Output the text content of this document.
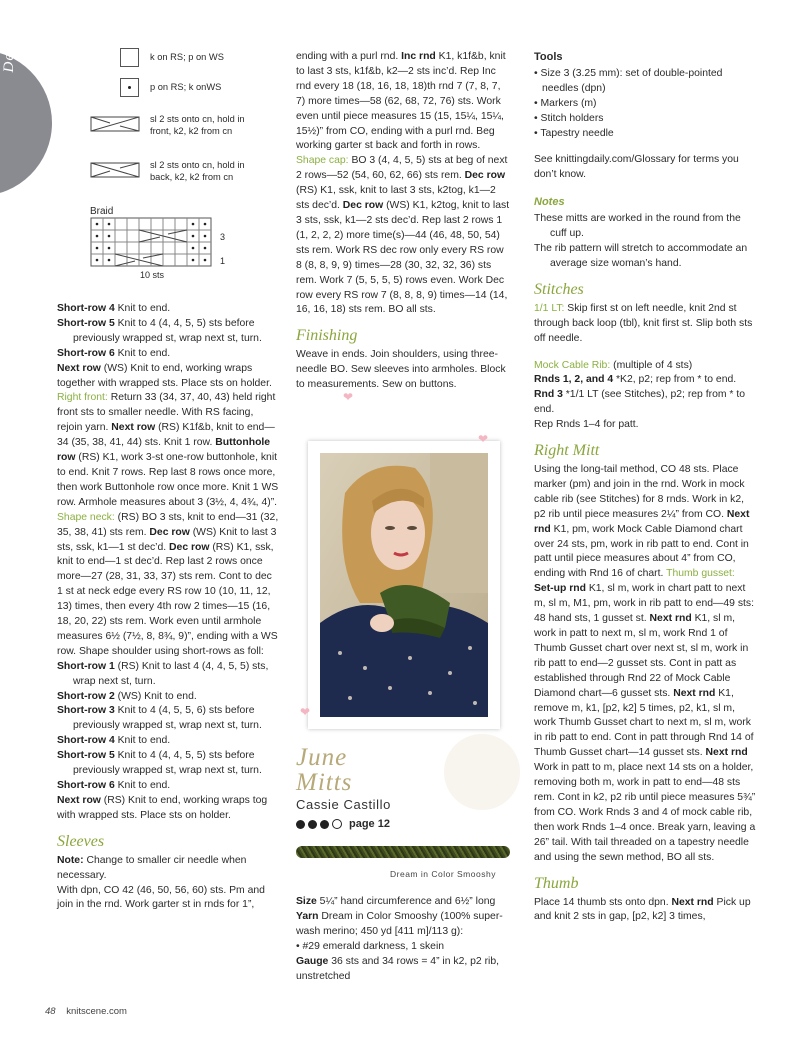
Designer	k on RS; p on WS
p on RS; k onWS
sl 2 sts onto cn, hold in front, k2, k2 from cn
sl 2 sts onto cn, hold in back, k2, k2 from cn
Braid
3
1
10 sts

Short-row 4 Knit to end.

Short-row 5 Knit to 4 (4, 4, 5, 5) sts before previously wrapped st, wrap next st, turn.

Short-row 6 Knit to end.

Next row (WS) Knit to end, working wraps together with wrapped sts. Place sts on holder. Right front: Return 33 (34, 37, 40, 43) held right front sts to smaller needle. With RS facing, rejoin yarn. Next row (RS) K1f&b, knit to end—34 (35, 38, 41, 44) sts. Knit 1 row. Buttonhole row (RS) K1, work 3-st one-row buttonhole, knit to end. Knit 7 rows. Rep last 8 rows once more, then work Buttonhole row once more. Knit 1 WS row. Armhole measures about 3 (3½, 4, 4¾, 4)”.

Shape neck: (RS) BO 3 sts, knit to end—31 (32, 35, 38, 41) sts rem. Dec row (WS) Knit to last 3 sts, ssk, k1—1 st dec’d. Dec row (RS) K1, ssk, knit to end—1 st dec’d. Rep last 2 rows once more—27 (28, 31, 33, 37) sts rem. Cont to dec 1 st at neck edge every RS row 10 (10, 11, 12, 13) times, then every 4th row 2 times—15 (16, 18, 20, 22) sts rem. Work even until armhole measures 6½ (7½, 8, 8¾, 9)”, ending with a WS row. Shape shoulder using short-rows as foll:

Short-row 1 (RS) Knit to last 4 (4, 4, 5, 5) sts, wrap next st, turn.

Short-row 2 (WS) Knit to end.

Short-row 3 Knit to 4 (4, 5, 5, 6) sts before previously wrapped st, wrap next st, turn.

Short-row 4 Knit to end.

Short-row 5 Knit to 4 (4, 4, 5, 5) sts before previously wrapped st, wrap next st, turn.

Short-row 6 Knit to end.

Next row (RS) Knit to end, working wraps tog with wrapped sts. Place sts on holder.

Sleeves

Note: Change to smaller cir needle when necessary.

With dpn, CO 42 (46, 50, 56, 60) sts. Pm and join in the rnd. Work garter st in rnds for 1”,

ending with a purl rnd. Inc rnd K1, k1f&b, knit to last 3 sts, k1f&b, k2—2 sts inc’d. Rep Inc rnd every 18 (18, 16, 18, 18)th rnd 7 (7, 8, 7, 7) more times—58 (62, 68, 72, 76) sts. Work even until piece measures 15 (15, 15¼, 15¼, 15½)” from CO, ending with a purl rnd. Beg working garter st back and forth in rows.

Shape cap: BO 3 (4, 4, 5, 5) sts at beg of next 2 rows—52 (54, 60, 62, 66) sts rem. Dec row (RS) K1, ssk, knit to last 3 sts, k2tog, k1—2 sts dec’d. Dec row (WS) K1, k2tog, knit to last 3 sts, ssk, k1—2 sts dec’d. Rep last 2 rows 1 (1, 2, 2, 2) more time(s)—44 (46, 48, 50, 54) sts rem. Work RS dec row only every RS row 8 (8, 8, 9, 9) times—28 (30, 32, 32, 36) sts rem. Work 7 (5, 5, 5, 5) rows even. Work Dec row every RS row 7 (8, 8, 8, 9) times—14 (14, 16, 16, 18) sts rem. BO all sts.

Finishing

Weave in ends. Join shoulders, using three-needle BO. Sew sleeves into armholes. Block to measurements. Sew on buttons.

❤
❤
❤
June
Mitts
Cassie Castillo
page 12
Dream in Color Smooshy

Size 5¼” hand circumference and 6½” long

Yarn Dream in Color Smooshy (100% super-wash merino; 450 yd [411 m]/113 g):

• #29 emerald darkness, 1 skein

Gauge 36 sts and 34 rows = 4” in k2, p2 rib, unstretched

Tools

• Size 3 (3.25 mm): set of double-pointed needles (dpn)

• Markers (m)

• Stitch holders

• Tapestry needle

See knittingdaily.com/Glossary for terms you don’t know.

Notes

These mitts are worked in the round from the cuff up.

The rib pattern will stretch to accommodate an average size woman’s hand.

Stitches

1/1 LT: Skip first st on left needle, knit 2nd st through back loop (tbl), knit first st. Slip both sts off needle.

Mock Cable Rib: (multiple of 4 sts)

Rnds 1, 2, and 4 *K2, p2; rep from * to end.

Rnd 3 *1/1 LT (see Stitches), p2; rep from * to end.

Rep Rnds 1–4 for patt.

Right Mitt

Using the long-tail method, CO 48 sts. Place marker (pm) and join in the rnd. Work in mock cable rib (see Stitches) for 8 rnds. Work in k2, p2 rib until piece measures 2¼” from CO. Next rnd K1, pm, work Mock Cable Diamond chart over 24 sts, pm, work in rib patt to end. Cont in patt until piece measures about 4” from CO, ending with Rnd 16 of chart. Thumb gusset: Set-up rnd K1, sl m, work in chart patt to next m, sl m, M1, pm, work in rib patt to end—49 sts: 48 hand sts, 1 gusset st. Next rnd K1, sl m, work in patt to next m, sl m, work Rnd 1 of Thumb Gusset chart over next st, sl m, work in rib patt to end—2 gusset sts. Cont in patt as established through Rnd 22 of Mock Cable Diamond chart—6 gusset sts. Next rnd K1, remove m, k1, [p2, k2] 5 times, p2, k1, sl m, work Thumb Gusset chart to next m, sl m, work in rib patt to end. Cont in patt through Rnd 14 of Thumb Gusset chart—14 gusset sts. Next rnd Work in patt to m, place next 14 sts on a holder, removing both m, work in patt to end—48 sts rem. Cont in k2, p2 rib until piece measures 5¾” from CO. Work Rnds 3 and 4 of mock cable rib, then work Rnds 1–4 once. Break yarn, leaving a 26” tail. With tail threaded on a tapestry needle and using the sewn method, BO all sts.

Thumb

Place 14 thumb sts onto dpn. Next rnd Pick up and knit 2 sts in gap, [p2, k2] 3 times,

48 knitscene.com
